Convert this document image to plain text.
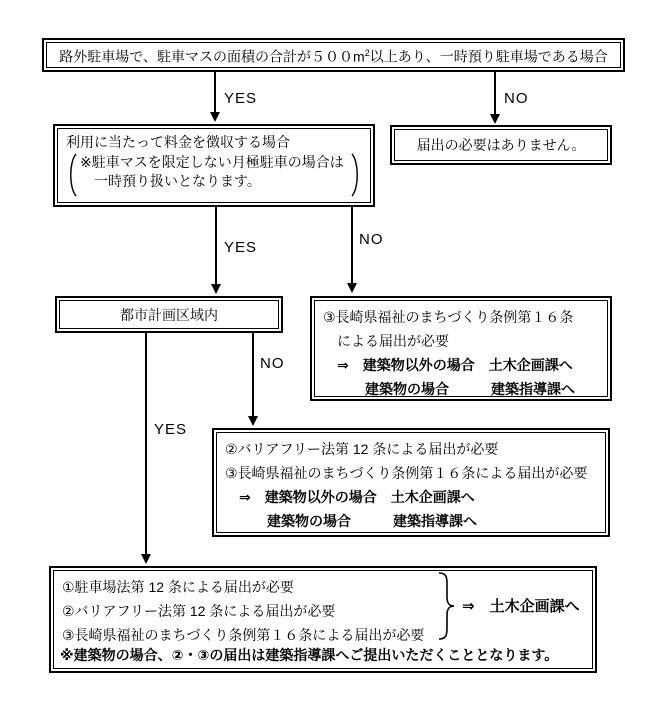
路外駐車場で、駐車マスの面積の合計が$500m^2$以上あり、一時預り駐車場である場合
YES	NO
利用に当たって料金を徴収する場合
※駐車マスを限定しない月極駐車の場合は
　一時預り扱いとなります。
届出の必要はありません。
YES	NO
都市計画区域内	③長崎県福祉のまちづくり条例第１６条
　による届出が必要
　⇒　建築物以外の場合　土木企画課へ
　　　建築物の場合　　　建築指導課へ
YES
NO
②バリアフリー法第 12 条による届出が必要
③長崎県福祉のまちづくり条例第１６条による届出が必要
　⇒　建築物以外の場合　土木企画課へ
　　　建築物の場合　　　建築指導課へ
①駐車場法第 12 条による届出が必要
②バリアフリー法第 12 条による届出が必要
③長崎県福祉のまちづくり条例第１６条による届出が必要
⇒　土木企画課へ
※建築物の場合、②・③の届出は建築指導課へご提出いただくこととなります。
